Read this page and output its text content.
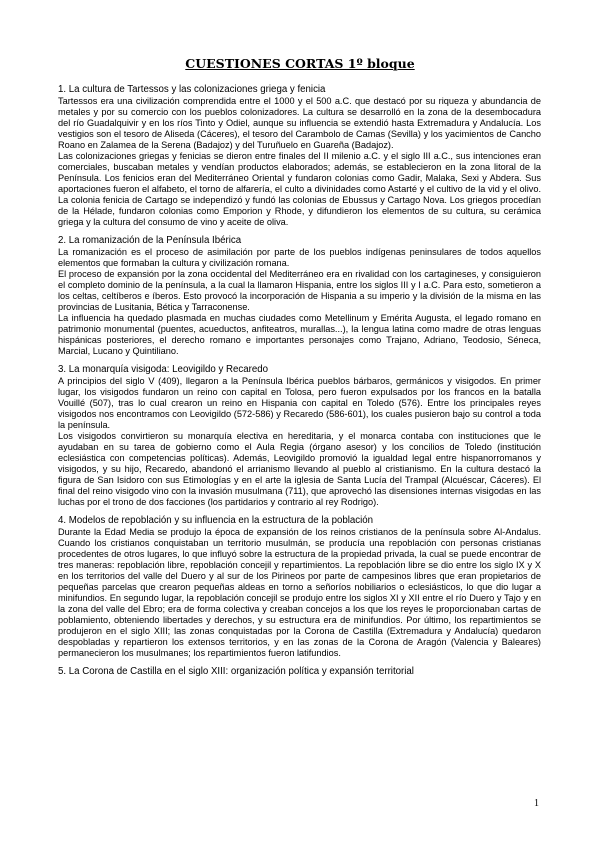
CUESTIONES CORTAS 1º bloque
1. La cultura de Tartessos y las colonizaciones griega y fenicia

Tartessos era una civilización comprendida entre el 1000 y el 500 a.C. que destacó por su riqueza y abundancia de metales y por su comercio con los pueblos colonizadores. La cultura se desarrolló en la zona de la desembocadura del río Guadalquivir y en los ríos Tinto y Odiel, aunque su influencia se extendió hasta Extremadura y Andalucía. Los vestigios son el tesoro de Aliseda (Cáceres), el tesoro del Carambolo de Camas (Sevilla) y los yacimientos de Cancho Roano en Zalamea de la Serena (Badajoz) y del Turuñuelo en Guareña (Badajoz).

Las colonizaciones griegas y fenicias se dieron entre finales del II milenio a.C. y el siglo III a.C., sus intenciones eran comerciales, buscaban metales y vendían productos elaborados; además, se establecieron en la zona litoral de la Península. Los fenicios eran del Mediterráneo Oriental y fundaron colonias como Gadir, Malaka, Sexi y Abdera. Sus aportaciones fueron el alfabeto, el torno de alfarería, el culto a divinidades como Astarté y el cultivo de la vid y el olivo. La colonia fenicia de Cartago se independizó y fundó las colonias de Ebussus y Cartago Nova. Los griegos procedían de la Hélade, fundaron colonias como Emporion y Rhode, y difundieron los elementos de su cultura, su cerámica griega y la cultura del consumo de vino y aceite de oliva.

2. La romanización de la Península Ibérica

La romanización es el proceso de asimilación por parte de los pueblos indígenas peninsulares de todos aquellos elementos que formaban la cultura y civilización romana.

El proceso de expansión por la zona occidental del Mediterráneo era en rivalidad con los cartagineses, y consiguieron el completo dominio de la península, a la cual la llamaron Hispania, entre los siglos III y I a.C. Para esto, sometieron a los celtas, celtíberos e íberos. Esto provocó la incorporación de Hispania a su imperio y la división de la misma en las provincias de Lusitania, Bética y Tarraconense.

La influencia ha quedado plasmada en muchas ciudades como Metellinum y Emérita Augusta, el legado romano en patrimonio monumental (puentes, acueductos, anfiteatros, murallas...), la lengua latina como madre de otras lenguas hispánicas posteriores, el derecho romano e importantes personajes como Trajano, Adriano, Teodosio, Séneca, Marcial, Lucano y Quintiliano.

3. La monarquía visigoda: Leovigildo y Recaredo

A principios del siglo V (409), llegaron a la Península Ibérica pueblos bárbaros, germánicos y visigodos. En primer lugar, los visigodos fundaron un reino con capital en Tolosa, pero fueron expulsados por los francos en la batalla Vouillé (507), tras lo cual crearon un reino en Hispania con capital en Toledo (576). Entre los principales reyes visigodos nos encontramos con Leovigildo (572-586) y Recaredo (586-601), los cuales pusieron bajo su control a toda la península.

Los visigodos convirtieron su monarquía electiva en hereditaria, y el monarca contaba con instituciones que le ayudaban en su tarea de gobierno como el Aula Regia (órgano asesor) y los concilios de Toledo (institución eclesiástica con competencias políticas). Además, Leovigildo promovió la igualdad legal entre hispanorromanos y visigodos, y su hijo, Recaredo, abandonó el arrianismo llevando al pueblo al cristianismo. En la cultura destacó la figura de San Isidoro con sus Etimologías y en el arte la iglesia de Santa Lucía del Trampal (Alcuéscar, Cáceres). El final del reino visigodo vino con la invasión musulmana (711), que aprovechó las disensiones internas visigodas en las luchas por el trono de dos facciones (los partidarios y contrario al rey Rodrigo).

4. Modelos de repoblación y su influencia en la estructura de la población

Durante la Edad Media se produjo la época de expansión de los reinos cristianos de la península sobre Al-Andalus. Cuando los cristianos conquistaban un territorio musulmán, se producía una repoblación con personas cristianas procedentes de otros lugares, lo que influyó sobre la estructura de la propiedad privada, la cual se puede encontrar de tres maneras: repoblación libre, repoblación concejil y repartimientos. La repoblación libre se dio entre los siglo IX y X en los territorios del valle del Duero y al sur de los Pirineos por parte de campesinos libres que eran propietarios de pequeñas parcelas que crearon pequeñas aldeas en torno a señoríos nobiliarios o eclesiásticos, lo que dio lugar a minifundios. En segundo lugar, la repoblación concejil se produjo entre los siglos XI y XII entre el río Duero y Tajo y en la zona del valle del Ebro; era de forma colectiva y creaban concejos a los que los reyes le proporcionaban cartas de poblamiento, obteniendo libertades y derechos, y su estructura era de minifundios. Por último, los repartimientos se produjeron en el siglo XIII; las zonas conquistadas por la Corona de Castilla (Extremadura y Andalucía) quedaron despobladas y repartieron los extensos territorios, y en las zonas de la Corona de Aragón (Valencia y Baleares) permanecieron los musulmanes; los repartimientos fueron latifundios.

5. La Corona de Castilla en el siglo XIII: organización política y expansión territorial
1
